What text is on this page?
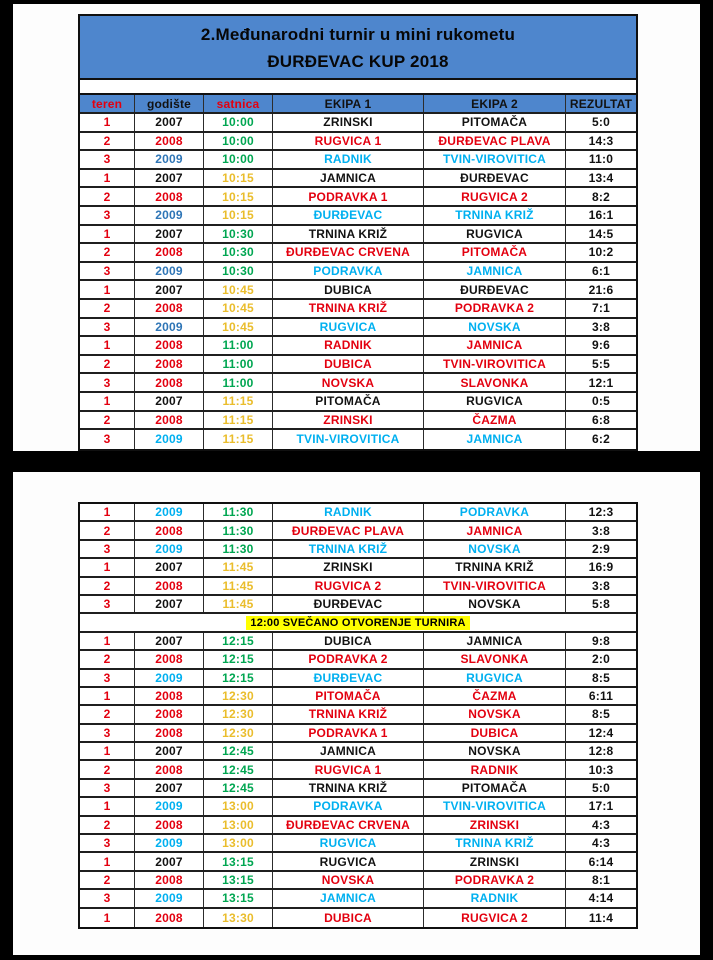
2.Međunarodni turnir u mini rukometu
ĐURĐEVAC KUP 2018
teren	godište	satnica	EKIPA 1	EKIPA 2	REZULTAT
1	2007	10:00	ZRINSKI	PITOMAČA	5:0
2	2008	10:00	RUGVICA 1	ĐURĐEVAC PLAVA	14:3
3	2009	10:00	RADNIK	TVIN-VIROVITICA	11:0
1	2007	10:15	JAMNICA	ĐURĐEVAC	13:4
2	2008	10:15	PODRAVKA 1	RUGVICA 2	8:2
3	2009	10:15	ĐURĐEVAC	TRNINA KRIŽ	16:1
1	2007	10:30	TRNINA KRIŽ	RUGVICA	14:5
2	2008	10:30	ĐURĐEVAC CRVENA	PITOMAČA	10:2
3	2009	10:30	PODRAVKA	JAMNICA	6:1
1	2007	10:45	DUBICA	ĐURĐEVAC	21:6
2	2008	10:45	TRNINA KRIŽ	PODRAVKA 2	7:1
3	2009	10:45	RUGVICA	NOVSKA	3:8
1	2008	11:00	RADNIK	JAMNICA	9:6
2	2008	11:00	DUBICA	TVIN-VIROVITICA	5:5
3	2008	11:00	NOVSKA	SLAVONKA	12:1
1	2007	11:15	PITOMAČA	RUGVICA	0:5
2	2008	11:15	ZRINSKI	ČAZMA	6:8
3	2009	11:15	TVIN-VIROVITICA	JAMNICA	6:2
1	2009	11:30	RADNIK	PODRAVKA	12:3
2	2008	11:30	ĐURĐEVAC PLAVA	JAMNICA	3:8
3	2009	11:30	TRNINA KRIŽ	NOVSKA	2:9
1	2007	11:45	ZRINSKI	TRNINA KRIŽ	16:9
2	2008	11:45	RUGVICA 2	TVIN-VIROVITICA	3:8
3	2007	11:45	ĐURĐEVAC	NOVSKA	5:8
12:00 SVEČANO OTVORENJE TURNIRA
1	2007	12:15	DUBICA	JAMNICA	9:8
2	2008	12:15	PODRAVKA 2	SLAVONKA	2:0
3	2009	12:15	ĐURĐEVAC	RUGVICA	8:5
1	2008	12:30	PITOMAČA	ČAZMA	6:11
2	2008	12:30	TRNINA KRIŽ	NOVSKA	8:5
3	2008	12:30	PODRAVKA 1	DUBICA	12:4
1	2007	12:45	JAMNICA	NOVSKA	12:8
2	2008	12:45	RUGVICA 1	RADNIK	10:3
3	2007	12:45	TRNINA KRIŽ	PITOMAČA	5:0
1	2009	13:00	PODRAVKA	TVIN-VIROVITICA	17:1
2	2008	13:00	ĐURĐEVAC CRVENA	ZRINSKI	4:3
3	2009	13:00	RUGVICA	TRNINA KRIŽ	4:3
1	2007	13:15	RUGVICA	ZRINSKI	6:14
2	2008	13:15	NOVSKA	PODRAVKA 2	8:1
3	2009	13:15	JAMNICA	RADNIK	4:14
1	2008	13:30	DUBICA	RUGVICA 2	11:4
